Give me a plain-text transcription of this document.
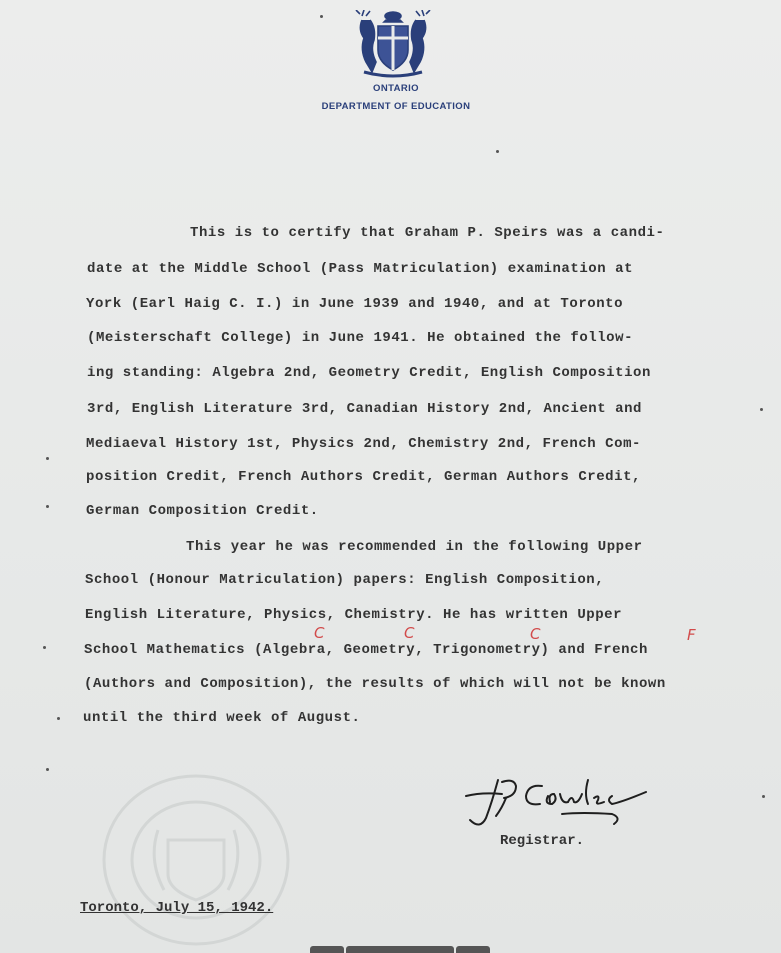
ONTARIO
DEPARTMENT OF EDUCATION
This is to certify that Graham P. Speirs was a candi-
date at the Middle School (Pass Matriculation) examination at
York (Earl Haig C. I.) in June 1939 and 1940, and at Toronto
(Meisterschaft College) in June 1941. He obtained the follow-
ing standing: Algebra 2nd, Geometry Credit, English Composition
3rd, English Literature 3rd, Canadian History 2nd, Ancient and
Mediaeval History 1st, Physics 2nd, Chemistry 2nd, French Com-
position Credit, French Authors Credit, German Authors Credit,
German Composition Credit.
This year he was recommended in the following Upper
School (Honour Matriculation) papers: English Composition,
English Literature, Physics, Chemistry. He has written Upper
School Mathematics (Algebra, Geometry, Trigonometry) and French
(Authors and Composition), the results of which will not be known
until the third week of August.
C	C	C	F
Registrar.
Toronto, July 15, 1942.
